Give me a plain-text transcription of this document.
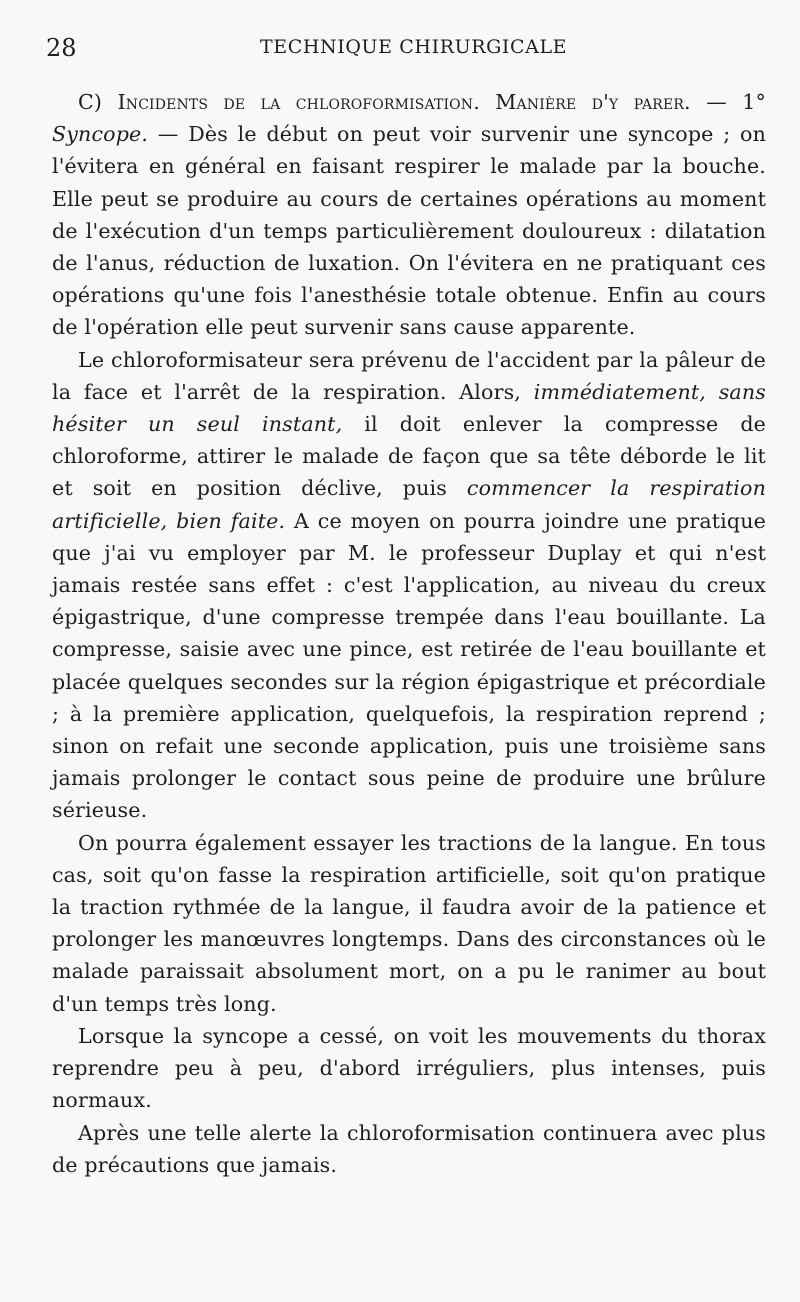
28	TECHNIQUE CHIRURGICALE

C) Incidents de la chloroformisation. Manière d'y parer. — 1° Syncope. — Dès le début on peut voir survenir une syncope ; on l'évitera en général en faisant respirer le malade par la bouche. Elle peut se produire au cours de certaines opérations au moment de l'exécution d'un temps particulièrement douloureux : dilatation de l'anus, réduction de luxation. On l'évitera en ne pratiquant ces opérations qu'une fois l'anesthésie totale obtenue. Enfin au cours de l'opération elle peut survenir sans cause apparente.

Le chloroformisateur sera prévenu de l'accident par la pâleur de la face et l'arrêt de la respiration. Alors, immédiatement, sans hésiter un seul instant, il doit enlever la compresse de chloroforme, attirer le malade de façon que sa tête déborde le lit et soit en position déclive, puis commencer la respiration artificielle, bien faite. A ce moyen on pourra joindre une pratique que j'ai vu employer par M. le professeur Duplay et qui n'est jamais restée sans effet : c'est l'application, au niveau du creux épigastrique, d'une compresse trempée dans l'eau bouillante. La compresse, saisie avec une pince, est retirée de l'eau bouillante et placée quelques secondes sur la région épigastrique et précordiale ; à la première application, quelquefois, la respiration reprend ; sinon on refait une seconde application, puis une troisième sans jamais prolonger le contact sous peine de produire une brûlure sérieuse.

On pourra également essayer les tractions de la langue. En tous cas, soit qu'on fasse la respiration artificielle, soit qu'on pratique la traction rythmée de la langue, il faudra avoir de la patience et prolonger les manœuvres longtemps. Dans des circonstances où le malade paraissait absolument mort, on a pu le ranimer au bout d'un temps très long.

Lorsque la syncope a cessé, on voit les mouvements du thorax reprendre peu à peu, d'abord irréguliers, plus intenses, puis normaux.

Après une telle alerte la chloroformisation continuera avec plus de précautions que jamais.
